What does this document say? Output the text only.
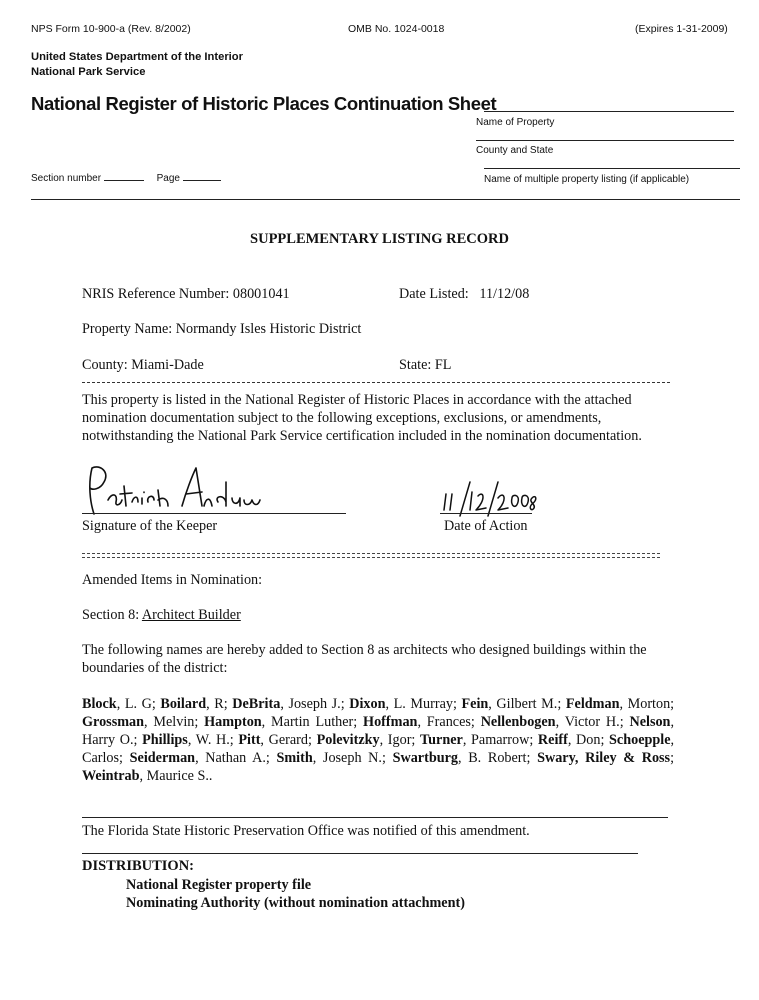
NPS Form 10-900-a (Rev. 8/2002)	OMB No. 1024-0018	(Expires 1-31-2009)
United States Department of the Interior
National Park Service
National Register of Historic Places Continuation Sheet
Name of Property
County and State
Section number	Page	Name of multiple property listing (if applicable)
SUPPLEMENTARY LISTING RECORD
NRIS Reference Number: 08001041	Date Listed: 11/12/08
Property Name: Normandy Isles Historic District
County: Miami-Dade	State: FL
This property is listed in the National Register of Historic Places in accordance with the attached nomination documentation subject to the following exceptions, exclusions, or amendments, notwithstanding the National Park Service certification included in the nomination documentation.
Signature of the Keeper	Date of Action
Amended Items in Nomination:
Section 8: Architect Builder
The following names are hereby added to Section 8 as architects who designed buildings within the boundaries of the district:
Block, L. G; Boilard, R; DeBrita, Joseph J.; Dixon, L. Murray; Fein, Gilbert M.; Feldman, Morton; Grossman, Melvin; Hampton, Martin Luther; Hoffman, Frances; Nellenbogen, Victor H.; Nelson, Harry O.; Phillips, W. H.; Pitt, Gerard; Polevitzky, Igor; Turner, Pamarrow; Reiff, Don; Schoepple, Carlos; Seiderman, Nathan A.; Smith, Joseph N.; Swartburg, B. Robert; Swary, Riley & Ross; Weintrab, Maurice S..
The Florida State Historic Preservation Office was notified of this amendment.
DISTRIBUTION:
National Register property file
Nominating Authority (without nomination attachment)
